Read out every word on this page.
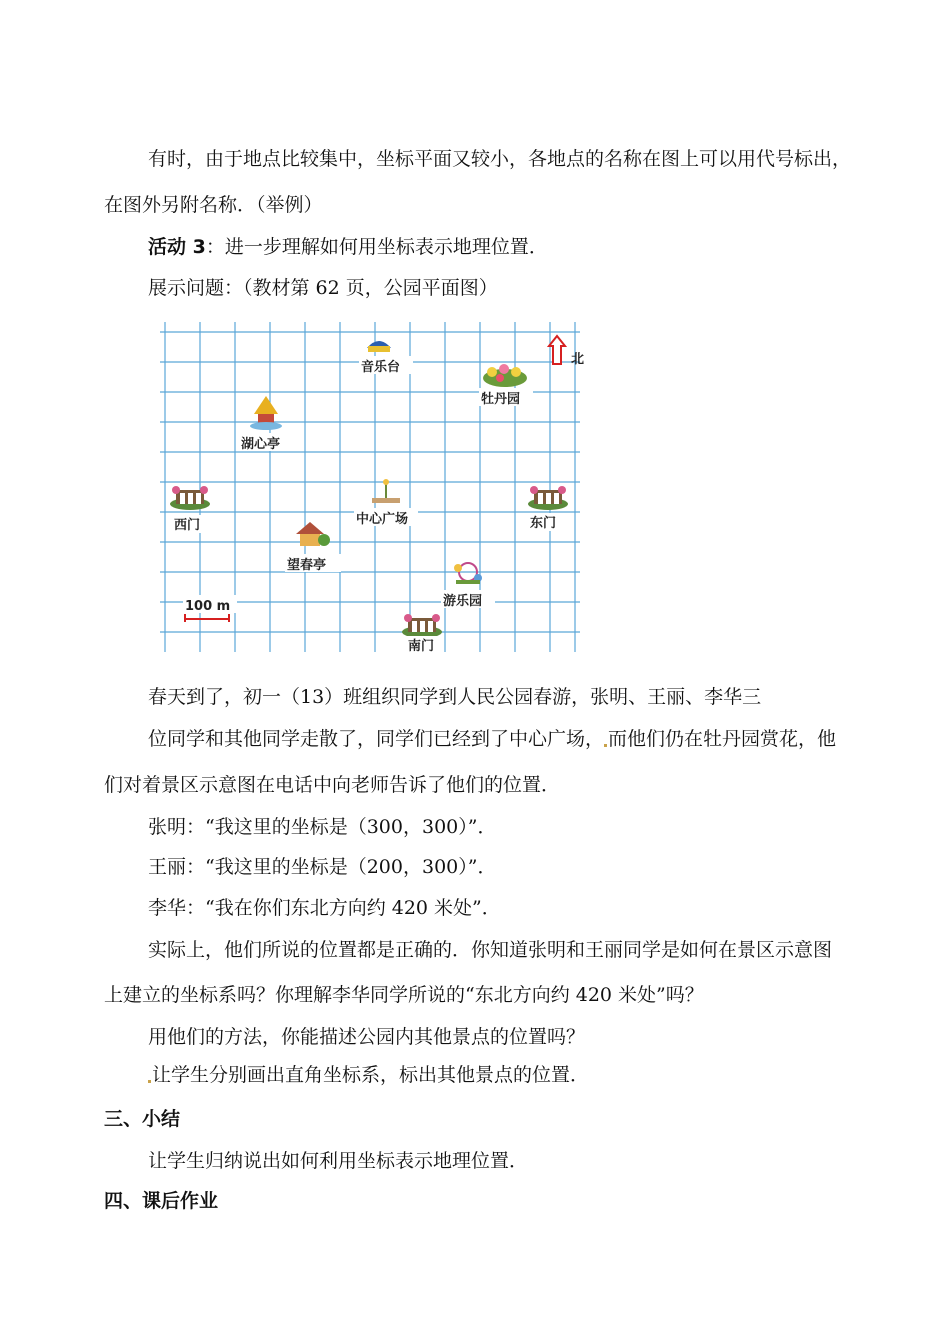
有时，由于地点比较集中，坐标平面又较小，各地点的名称在图上可以用代号标出，
在图外另附名称．（举例）
活动 3：进一步理解如何用坐标表示地理位置．
展示问题：（教材第 62 页，公园平面图）
北
音乐台
牡丹园
湖心亭
西门	中心广场	东门
望春亭
游乐园
100 m
南门
春天到了，初一（13）班组织同学到人民公园春游，张明、王丽、李华三
位同学和其他同学走散了，同学们已经到了中心广场， 而他们仍在牡丹园赏花，他
们对着景区示意图在电话中向老师告诉了他们的位置．
张明：“我这里的坐标是（300，300）”．
王丽：“我这里的坐标是（200，300）”．
李华：“我在你们东北方向约 420 米处”．
实际上，他们所说的位置都是正确的．你知道张明和王丽同学是如何在景区示意图
上建立的坐标系吗？你理解李华同学所说的“东北方向约 420 米处”吗？
用他们的方法，你能描述公园内其他景点的位置吗？
让学生分别画出直角坐标系，标出其他景点的位置．
三、小结
让学生归纳说出如何利用坐标表示地理位置．
四、课后作业
